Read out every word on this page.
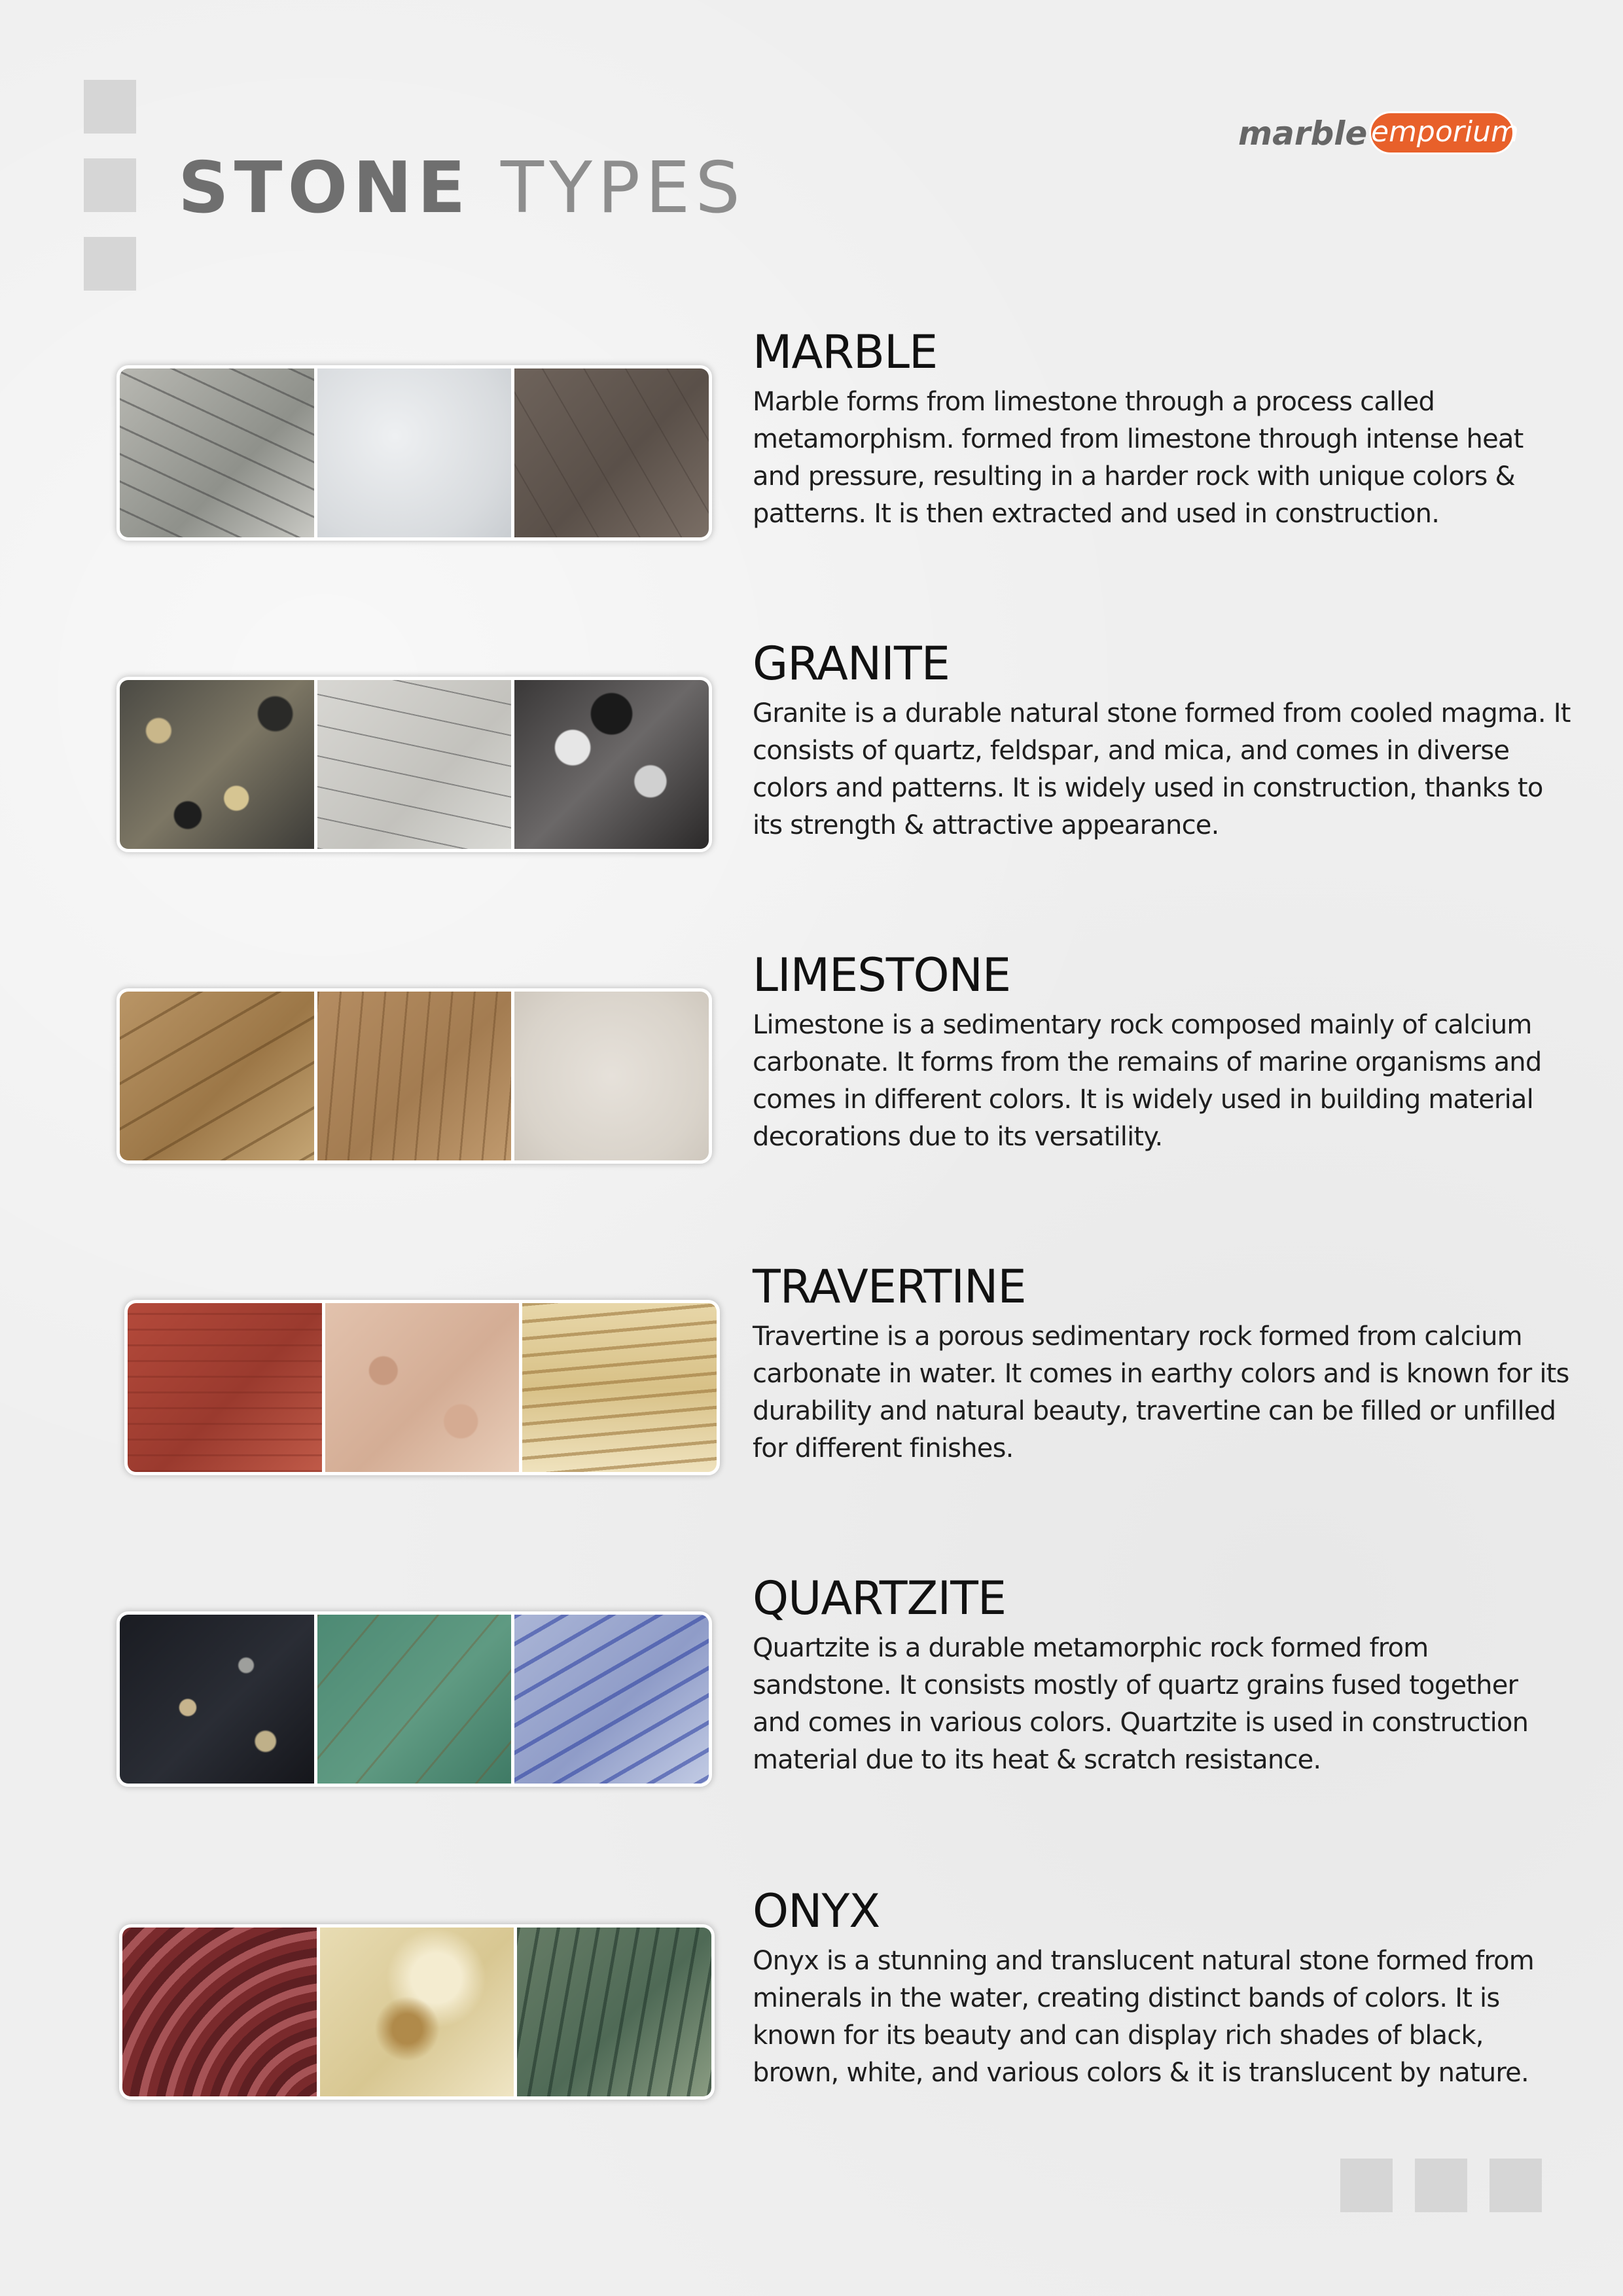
STONE TYPES
marble emporium
MARBLE

Marble forms from limestone through a process called metamorphism. formed from limestone through intense heat and pressure, resulting in a harder rock with unique colors & patterns. It is then extracted and used in construction.

GRANITE

Granite is a durable natural stone formed from cooled magma. It consists of quartz, feldspar, and mica, and comes in diverse colors and patterns. It is widely used in construction, thanks to its strength & attractive appearance.

LIMESTONE

Limestone is a sedimentary rock composed mainly of calcium carbonate. It forms from the remains of marine organisms and comes in different colors. It is widely used in building material decorations due to its versatility.

TRAVERTINE

Travertine is a porous sedimentary rock formed from calcium carbonate in water. It comes in earthy colors and is known for its durability and natural beauty, travertine can be filled or unfilled for different finishes.

QUARTZITE

Quartzite is a durable metamorphic rock formed from sandstone. It consists mostly of quartz grains fused together and comes in various colors. Quartzite is used in construction material due to its heat & scratch resistance.

ONYX

Onyx is a stunning and translucent natural stone formed from minerals in the water, creating distinct bands of colors. It is known for its beauty and can display rich shades of black, brown, white, and various colors & it is translucent by nature.
